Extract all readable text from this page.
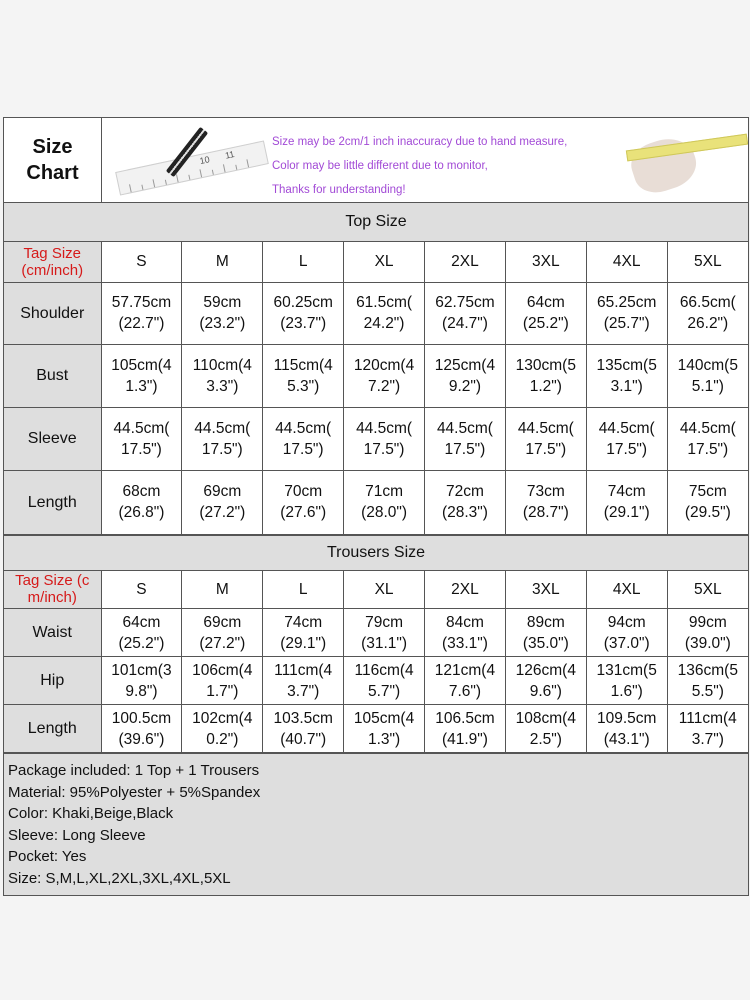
Size
Chart
10 11
Size may be 2cm/1 inch inaccuracy due to hand measure,
Color may be little different due to monitor,
Thanks for understanding!
Top Size
Tag Size (cm/inch)	S	M	L	XL	2XL	3XL	4XL	5XL
Shoulder	57.75cm (22.7")	59cm (23.2")	60.25cm (23.7")	61.5cm( 24.2")	62.75cm (24.7")	64cm (25.2")	65.25cm (25.7")	66.5cm( 26.2")
Bust	105cm(4 1.3")	110cm(4 3.3")	115cm(4 5.3")	120cm(4 7.2")	125cm(4 9.2")	130cm(5 1.2")	135cm(5 3.1")	140cm(5 5.1")
Sleeve	44.5cm( 17.5")	44.5cm( 17.5")	44.5cm( 17.5")	44.5cm( 17.5")	44.5cm( 17.5")	44.5cm( 17.5")	44.5cm( 17.5")	44.5cm( 17.5")
Length	68cm (26.8")	69cm (27.2")	70cm (27.6")	71cm (28.0")	72cm (28.3")	73cm (28.7")	74cm (29.1")	75cm (29.5")
Trousers Size
Tag Size (c m/inch)	S	M	L	XL	2XL	3XL	4XL	5XL
Waist	64cm (25.2")	69cm (27.2")	74cm (29.1")	79cm (31.1")	84cm (33.1")	89cm (35.0")	94cm (37.0")	99cm (39.0")
Hip	101cm(3 9.8")	106cm(4 1.7")	111cm(4 3.7")	116cm(4 5.7")	121cm(4 7.6")	126cm(4 9.6")	131cm(5 1.6")	136cm(5 5.5")
Length	100.5cm (39.6")	102cm(4 0.2")	103.5cm (40.7")	105cm(4 1.3")	106.5cm (41.9")	108cm(4 2.5")	109.5cm (43.1")	111cm(4 3.7")
Package included: 1 Top + 1 Trousers
Material: 95%Polyester + 5%Spandex
Color: Khaki,Beige,Black
Sleeve: Long Sleeve
Pocket: Yes
Size: S,M,L,XL,2XL,3XL,4XL,5XL
